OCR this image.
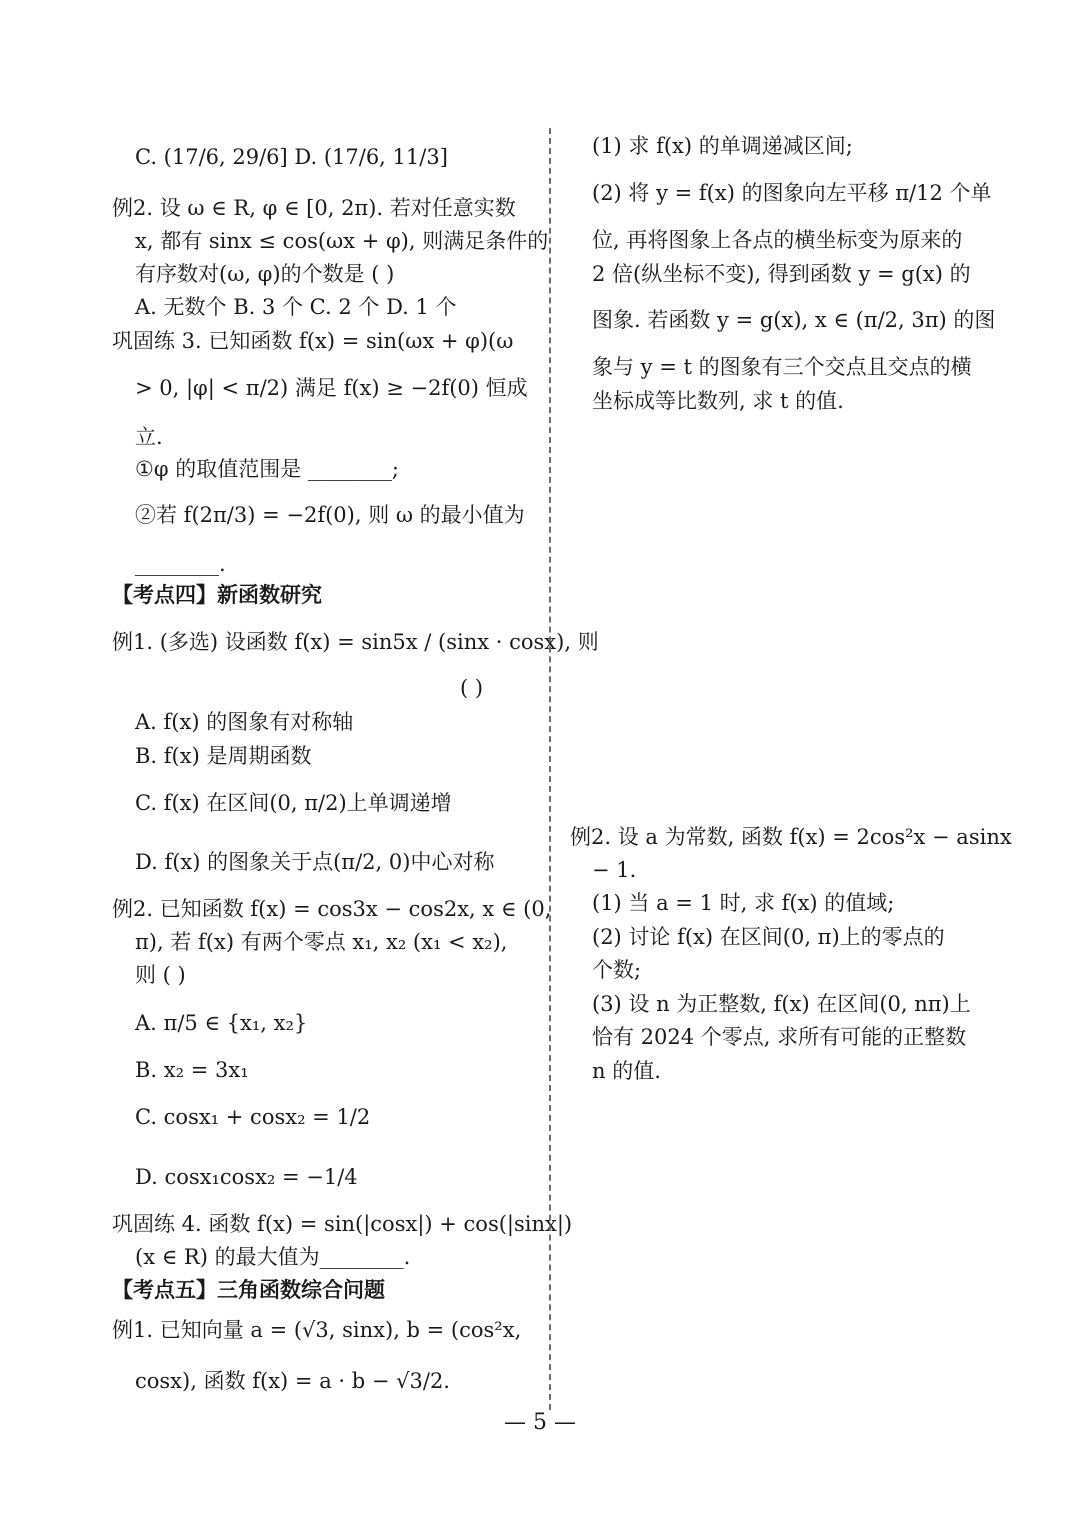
C. (17/6, 29/6] D. (17/6, 11/3]
例2. 设 ω ∈ R, φ ∈ [0, 2π). 若对任意实数
x, 都有 sinx ≤ cos(ωx + φ), 则满足条件的
有序数对(ω, φ)的个数是 ( )
A. 无数个 B. 3 个 C. 2 个 D. 1 个
巩固练 3. 已知函数 f(x) = sin(ωx + φ)(ω
> 0, |φ| < π/2) 满足 f(x) ≥ −2f(0) 恒成
立.
①φ 的取值范围是 ________;
②若 f(2π/3) = −2f(0), 则 ω 的最小值为
________.
【考点四】新函数研究
例1. (多选) 设函数 f(x) = sin5x / (sinx · cosx), 则
( )
A. f(x) 的图象有对称轴
B. f(x) 是周期函数
C. f(x) 在区间(0, π/2)上单调递增
D. f(x) 的图象关于点(π/2, 0)中心对称
例2. 已知函数 f(x) = cos3x − cos2x, x ∈ (0,
π), 若 f(x) 有两个零点 x₁, x₂ (x₁ < x₂),
则 ( )
A. π/5 ∈ {x₁, x₂}
B. x₂ = 3x₁
C. cosx₁ + cosx₂ = 1/2
D. cosx₁cosx₂ = −1/4
巩固练 4. 函数 f(x) = sin(|cosx|) + cos(|sinx|)
(x ∈ R) 的最大值为________.
【考点五】三角函数综合问题
例1. 已知向量 a = (√3, sinx), b = (cos²x,
cosx), 函数 f(x) = a · b − √3/2.
(1) 求 f(x) 的单调递减区间;
(2) 将 y = f(x) 的图象向左平移 π/12 个单
位, 再将图象上各点的横坐标变为原来的
2 倍(纵坐标不变), 得到函数 y = g(x) 的
图象. 若函数 y = g(x), x ∈ (π/2, 3π) 的图
象与 y = t 的图象有三个交点且交点的横
坐标成等比数列, 求 t 的值.
例2. 设 a 为常数, 函数 f(x) = 2cos²x − asinx
− 1.
(1) 当 a = 1 时, 求 f(x) 的值域;
(2) 讨论 f(x) 在区间(0, π)上的零点的
个数;
(3) 设 n 为正整数, f(x) 在区间(0, nπ)上
恰有 2024 个零点, 求所有可能的正整数
n 的值.
— 5 —
